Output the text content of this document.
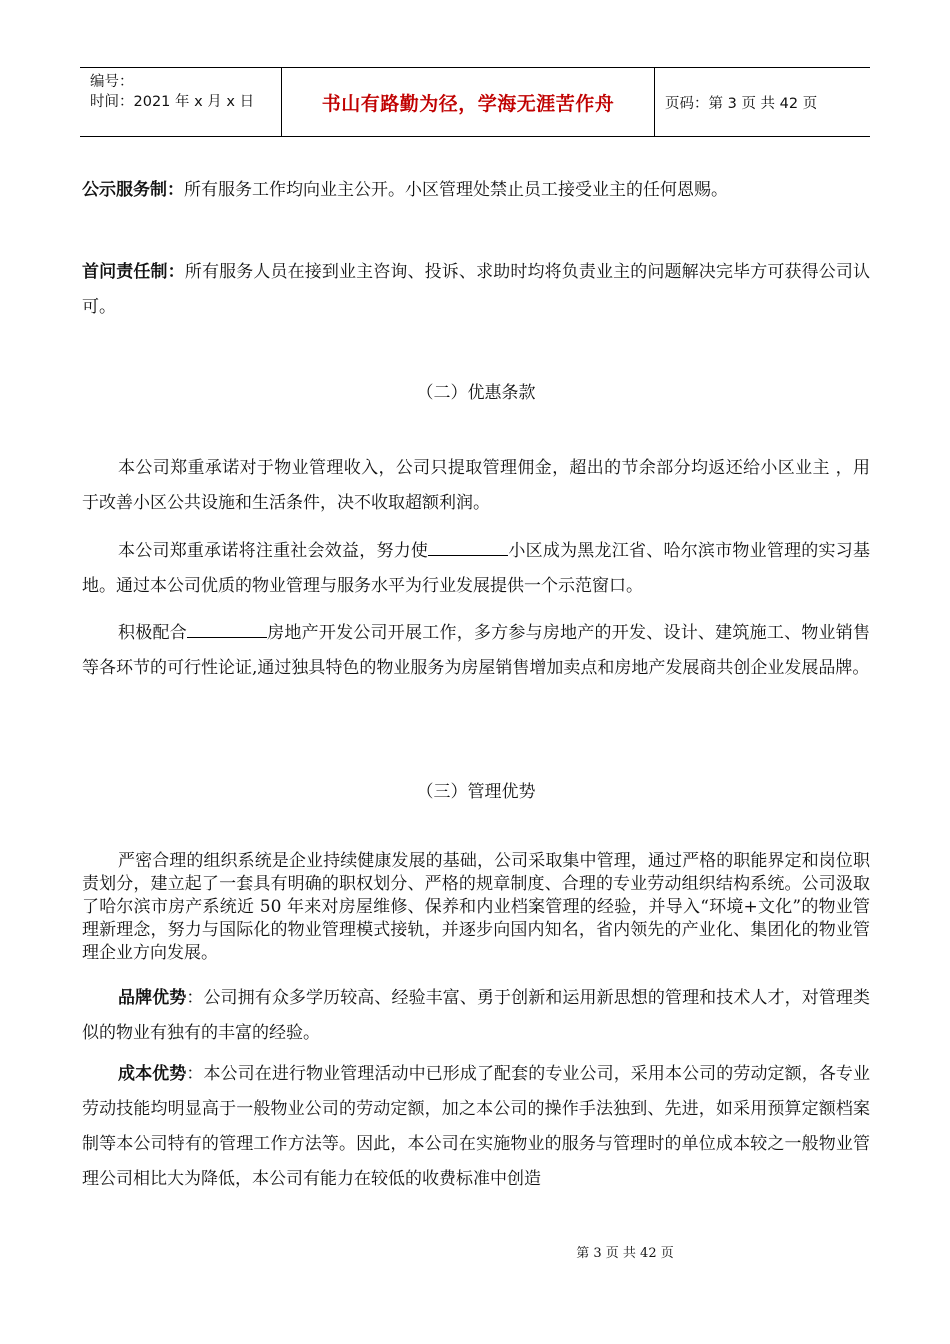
编号：
时间：2021 年 x 月 x 日	书山有路勤为径，学海无涯苦作舟	页码：第 3 页 共 42 页

公示服务制：所有服务工作均向业主公开。小区管理处禁止员工接受业主的任何恩赐。

首问责任制：所有服务人员在接到业主咨询、投诉、求助时均将负责业主的问题解决完毕方可获得公司认可。

（二）优惠条款

本公司郑重承诺对于物业管理收入，公司只提取管理佣金，超出的节余部分均返还给小区业主 ，用于改善小区公共设施和生活条件，决不收取超额利润。

本公司郑重承诺将注重社会效益，努力使	小区成为黑龙江省、哈尔滨市物业管理的实习基地。通过本公司优质的物业管理与服务水平为行业发展提供一个示范窗口。

积极配合	房地产开发公司开展工作，多方参与房地产的开发、设计、建筑施工、物业销售等各环节的可行性论证,通过独具特色的物业服务为房屋销售增加卖点和房地产发展商共创企业发展品牌。

（三）管理优势

严密合理的组织系统是企业持续健康发展的基础，公司采取集中管理，通过严格的职能界定和岗位职责划分，建立起了一套具有明确的职权划分、严格的规章制度、合理的专业劳动组织结构系统。公司汲取了哈尔滨市房产系统近 50 年来对房屋维修、保养和内业档案管理的经验，并导入“环境+文化”的物业管理新理念，努力与国际化的物业管理模式接轨，并逐步向国内知名，省内领先的产业化、集团化的物业管理企业方向发展。

品牌优势：公司拥有众多学历较高、经验丰富、勇于创新和运用新思想的管理和技术人才，对管理类似的物业有独有的丰富的经验。

成本优势：本公司在进行物业管理活动中已形成了配套的专业公司，采用本公司的劳动定额，各专业劳动技能均明显高于一般物业公司的劳动定额，加之本公司的操作手法独到、先进，如采用预算定额档案制等本公司特有的管理工作方法等。因此，本公司在实施物业的服务与管理时的单位成本较之一般物业管理公司相比大为降低，本公司有能力在较低的收费标准中创造

第 3 页 共 42 页
